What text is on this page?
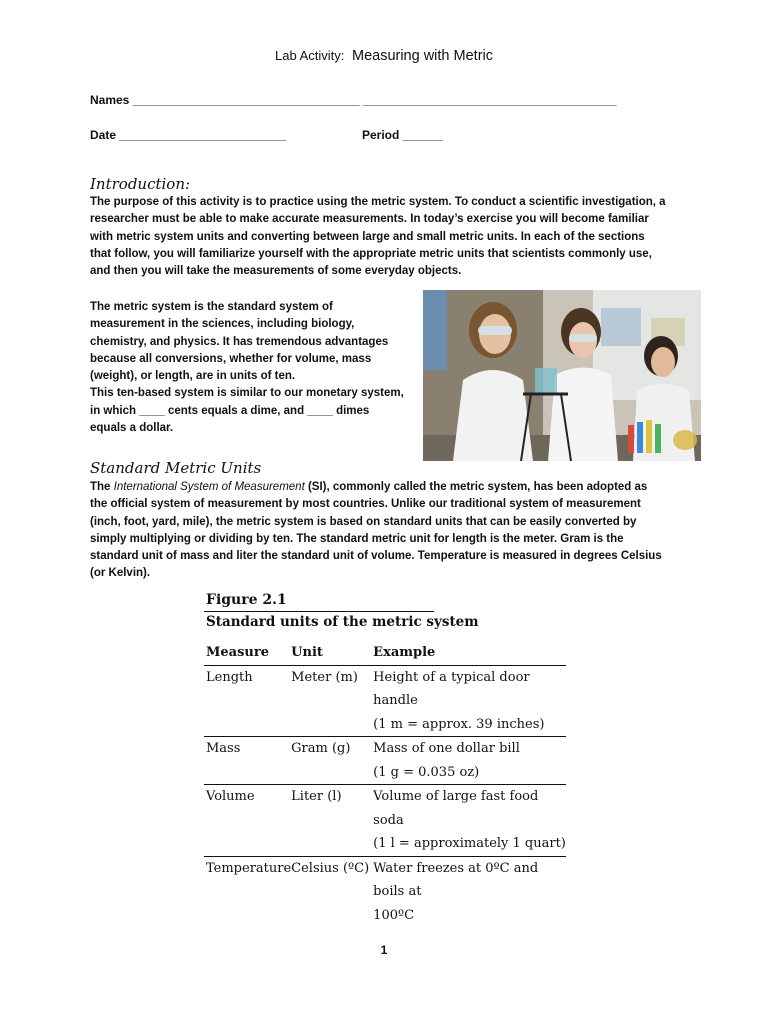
Lab Activity: Measuring with Metric
Names __________________________________ ______________________________________
Date _________________________	Period ______
Introduction:
The purpose of this activity is to practice using the metric system. To conduct a scientific investigation, a
researcher must be able to make accurate measurements. In today’s exercise you will become familiar
with metric system units and converting between large and small metric units. In each of the sections
that follow, you will familiarize yourself with the appropriate metric units that scientists commonly use,
and then you will take the measurements of some everyday objects.
The metric system is the standard system of
measurement in the sciences, including biology,
chemistry, and physics. It has tremendous advantages
because all conversions, whether for volume, mass
(weight), or length, are in units of ten.
This ten-based system is similar to our monetary system,
in which ____ cents equals a dime, and ____ dimes
equals a dollar.
Standard Metric Units
The International System of Measurement (SI), commonly called the metric system, has been adopted as
the official system of measurement by most countries. Unlike our traditional system of measurement
(inch, foot, yard, mile), the metric system is based on standard units that can be easily converted by
simply multiplying or dividing by ten. The standard metric unit for length is the meter. Gram is the
standard unit of mass and liter the standard unit of volume. Temperature is measured in degrees Celsius
(or Kelvin).
Figure 2.1
Standard units of the metric system
Measure	Unit	Example
Length	Meter (m)	Height of a typical door handle
(1 m = approx. 39 inches)

Mass	Gram (g)	Mass of one dollar bill
(1 g = 0.035 oz)

Volume	Liter (l)	Volume of large fast food soda
(1 l = approximately 1 quart)

Temperature	Celsius (ºC)	Water freezes at 0ºC and boils at
100ºC
1
